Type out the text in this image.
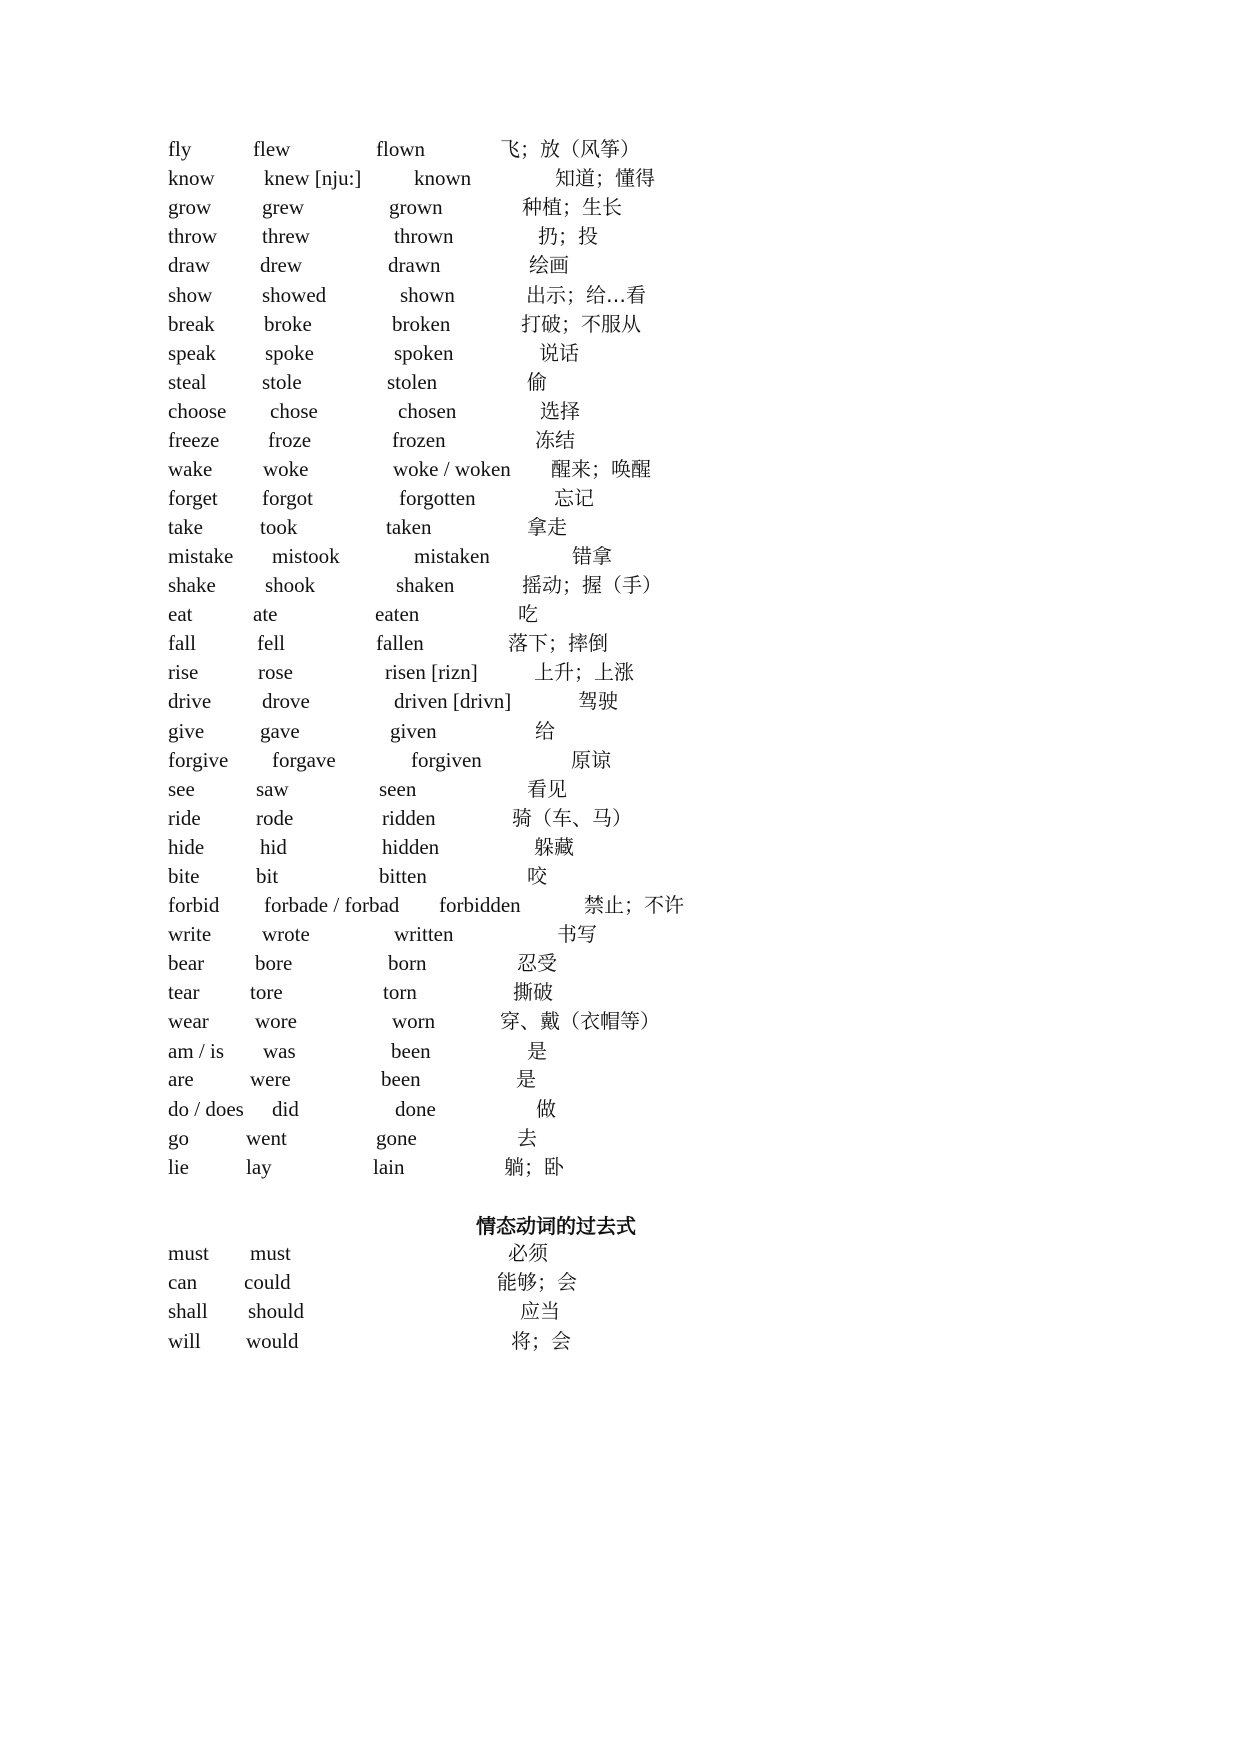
fly	flew	flown	飞；放（风筝）
know knew [nju:]	known	知道；懂得
grow grew	grown	种植；生长
throw threw	thrown	扔；投
draw drew	drawn	绘画
show showed	shown	出示；给…看
break broke	broken	打破；不服从
speak spoke	spoken	说话
steal	stole	stolen	偷
choose chose	chosen	选择
freeze froze	frozen	冻结
wake woke	woke / woken 醒来；唤醒
forget forgot	forgotten	忘记
take	took	taken	拿走
mistake mistook	mistaken	错拿
shake shook	shaken	摇动；握（手）
eat	ate	eaten	吃
fall	fell	fallen	落下；摔倒
rise	rose	risen [rizn]	上升；上涨
drive drove	driven [drivn]	驾驶
give	gave	given	给
forgive forgave	forgiven	原谅
see	saw	seen	看见
ride	rode	ridden	骑（车、马）
hide	hid	hidden	躲藏
bite	bit	bitten	咬
forbid forbade / forbad forbidden	禁止；不许
write wrote	written	书写
bear bore	born	忍受
tear tore	torn	撕破
wear wore	worn	穿、戴（衣帽等）
am / is was	been	是
are	were	been	是
do / does did	done	做
go	went	gone	去
lie	lay	lain	躺；卧
情态动词的过去式
must must	必须
can could	能够；会
shall should	应当
will would	将；会
